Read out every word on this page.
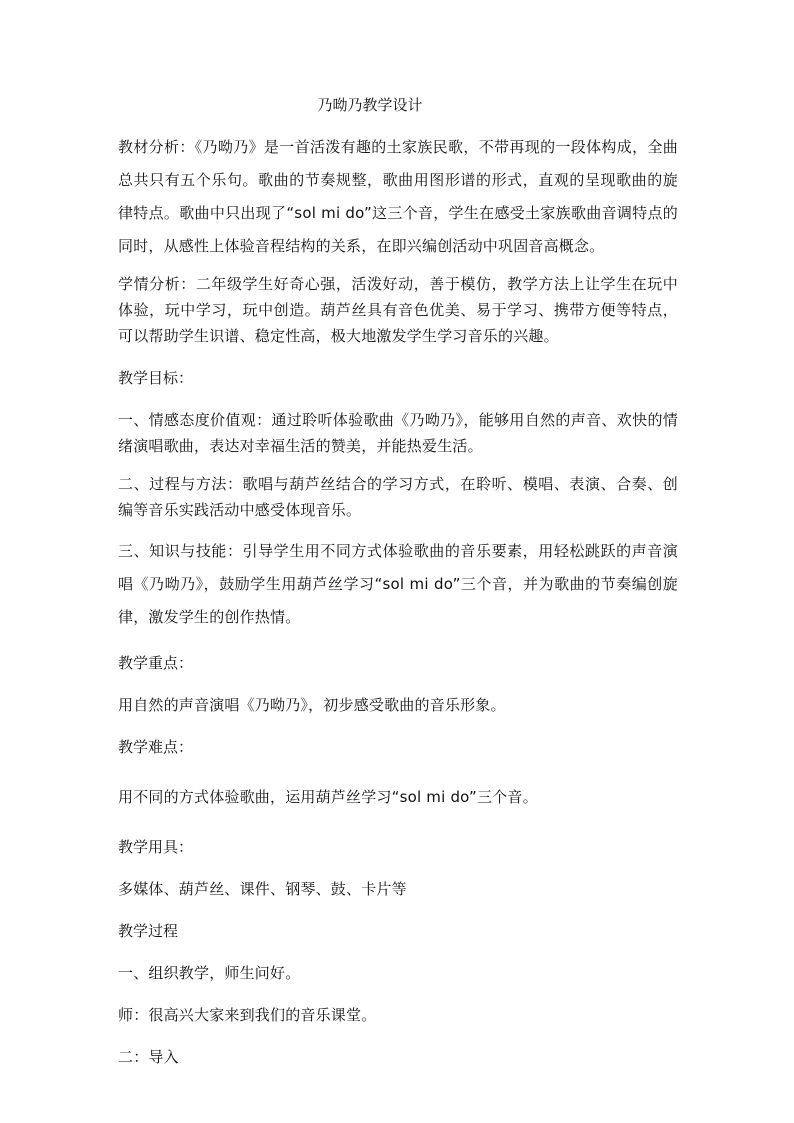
乃呦乃教学设计

教材分析：《乃呦乃》是一首活泼有趣的土家族民歌，不带再现的一段体构成，全曲总共只有五个乐句。歌曲的节奏规整，歌曲用图形谱的形式，直观的呈现歌曲的旋律特点。歌曲中只出现了“sol mi do”这三个音，学生在感受土家族歌曲音调特点的同时，从感性上体验音程结构的关系，在即兴编创活动中巩固音高概念。

学情分析：二年级学生好奇心强，活泼好动，善于模仿，教学方法上让学生在玩中体验，玩中学习，玩中创造。葫芦丝具有音色优美、易于学习、携带方便等特点，可以帮助学生识谱、稳定性高，极大地激发学生学习音乐的兴趣。

教学目标：

一、情感态度价值观：通过聆听体验歌曲《乃呦乃》，能够用自然的声音、欢快的情绪演唱歌曲，表达对幸福生活的赞美，并能热爱生活。

二、过程与方法：歌唱与葫芦丝结合的学习方式，在聆听、模唱、表演、合奏、创编等音乐实践活动中感受体现音乐。

三、知识与技能：引导学生用不同方式体验歌曲的音乐要素，用轻松跳跃的声音演唱《乃呦乃》，鼓励学生用葫芦丝学习“sol mi do”三个音，并为歌曲的节奏编创旋律，激发学生的创作热情。

教学重点：

用自然的声音演唱《乃呦乃》，初步感受歌曲的音乐形象。

教学难点：

用不同的方式体验歌曲，运用葫芦丝学习“sol mi do”三个音。

教学用具：

多媒体、葫芦丝、课件、钢琴、鼓、卡片等

教学过程

一、组织教学，师生问好。

师：很高兴大家来到我们的音乐课堂。

二：导入
